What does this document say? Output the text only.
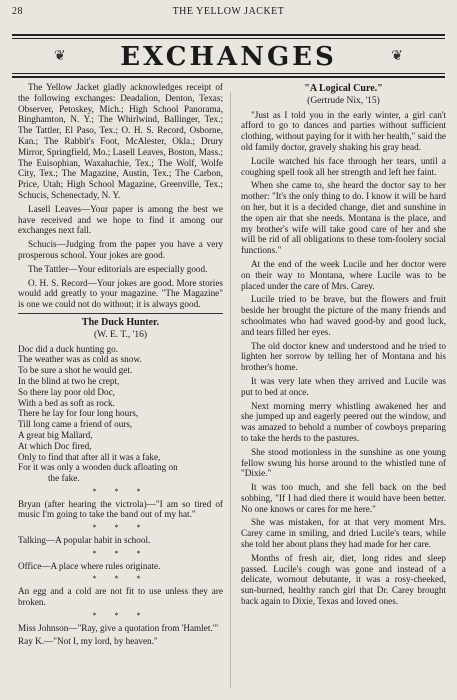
28	THE YELLOW JACKET
❦ EXCHANGES	❦

The Yellow Jacket gladly acknowledges receipt of the following exchanges: Deadalion, Denton, Texas; Observer, Petoskey, Mich.; High School Panorama, Binghamton, N. Y.; The Whirlwind, Ballinger, Tex.; The Tattler, El Paso, Tex.; O. H. S. Record, Osborne, Kan.; The Rabbit's Foot, McAlester, Okla.; Drury Mirror, Springfield, Mo.; Lasell Leaves, Boston, Mass.; The Euisophian, Waxahachie, Tex.; The Wolf, Wolfe City, Tex.; The Magazine, Austin, Tex.; The Carbon, Price, Utah; High School Magazine, Greenville, Tex.; Schucis, Schenectady, N. Y.

Lasell Leaves—Your paper is among the best we have received and we hope to find it among our exchanges next fall.

Schucis—Judging from the paper you have a very prosperous school. Your jokes are good.

The Tattler—Your editorials are especially good.

O. H. S. Record—Your jokes are good. More stories would add greatly to your magazine. "The Magazine" is one we could not do without; it is always good.

The Duck Hunter.
(W. E. T., '16)
Doc did a duck hunting go.
The weather was as cold as snow.
To be sure a shot he would get.
In the blind at two he crept,
So there lay poor old Doc,
With a bed as soft as rock.
There he lay for four long hours,
Till long came a friend of ours,
A great big Mallard,
At which Doc fired,
Only to find that after all it was a fake,
For it was only a wooden duck afloating on
the fake.
* * *

Bryan (after hearing the victrola)—"I am so tired of music I'm going to take the band out of my hat."

* * *

Talking—A popular habit in school.

* * *

Office—A place where rules originate.

* * *

An egg and a cold are not fit to use unless they are broken.

* * *

Miss Johnson—"Ray, give a quotation from 'Hamlet.'"

Ray K.—"Not I, my lord, by heaven."

"A Logical Cure."
(Gertrude Nix, '15)

"Just as I told you in the early winter, a girl can't afford to go to dances and parties without sufficient clothing, without paying for it with her health," said the old family doctor, gravely shaking his gray head.

Lucile watched his face through her tears, until a coughing spell took all her strength and left her faint.

When she came to, she heard the doctor say to her mother: "It's the only thing to do. I know it will be hard on her, but it is a decided change, diet and sunshine in the open air that she needs. Montana is the place, and my brother's wife will take good care of her and she will be rid of all obligations to these tom-foolery social functions."

At the end of the week Lucile and her doctor were on their way to Montana, where Lucile was to be placed under the care of Mrs. Carey.

Lucile tried to be brave, but the flowers and fruit beside her brought the picture of the many friends and schoolmates who had waved good-by and good luck, and tears filled her eyes.

The old doctor knew and understood and he tried to lighten her sorrow by telling her of Montana and his brother's home.

It was very late when they arrived and Lucile was put to bed at once.

Next morning merry whistling awakened her and she jumped up and eagerly peered out the window, and was amazed to behold a number of cowboys preparing to take the herds to the pastures.

She stood motionless in the sunshine as one young fellow swung his horse around to the whistled tune of "Dixie."

It was too much, and she fell back on the bed sobbing, "If I had died there it would have been better. No one knows or cares for me here."

She was mistaken, for at that very moment Mrs. Carey came in smiling, and dried Lucile's tears, while she told her about plans they had made for her care.

Months of fresh air, diet, long rides and sleep passed. Lucile's cough was gone and instead of a delicate, wornout debutante, it was a rosy-cheeked, sun-burned, healthy ranch girl that Dr. Carey brought back again to Dixie, Texas and loved ones.
